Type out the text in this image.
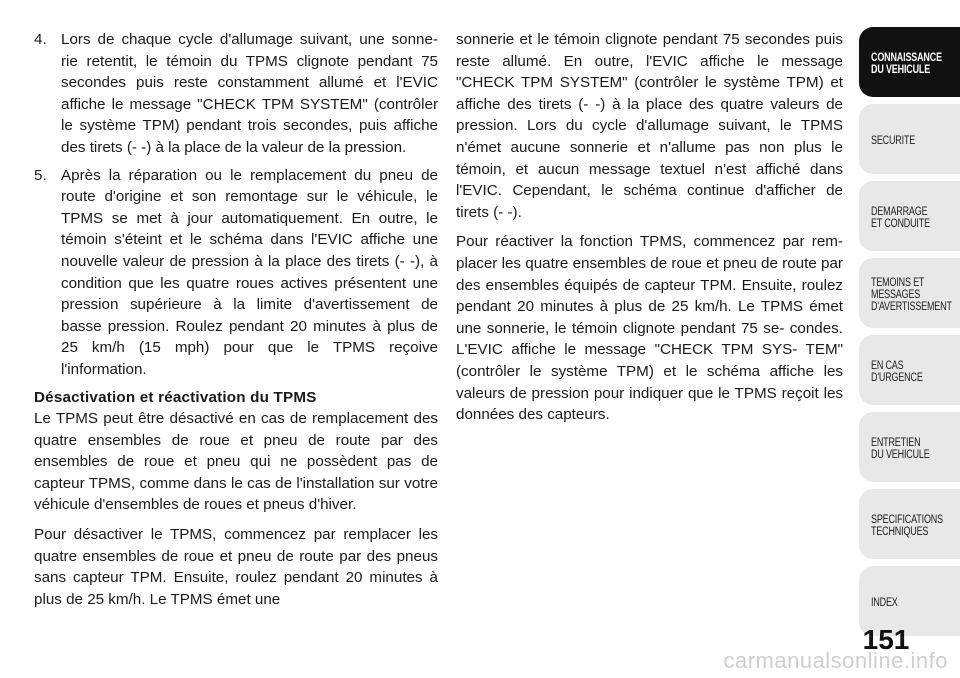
4. Lors de chaque cycle d'allumage suivant, une sonne- rie retentit, le témoin du TPMS clignote pendant 75 secondes puis reste constamment allumé et l'EVIC affiche le message "CHECK TPM SYSTEM" (contrôler le système TPM) pendant trois secondes, puis affiche des tirets (- -) à la place de la valeur de la pression.

5. Après la réparation ou le remplacement du pneu de route d'origine et son remontage sur le véhicule, le TPMS se met à jour automatiquement. En outre, le témoin s'éteint et le schéma dans l'EVIC affiche une nouvelle valeur de pression à la place des tirets (- -), à condition que les quatre roues actives présentent une pression supérieure à la limite d'avertissement de basse pression. Roulez pendant 20 minutes à plus de 25 km/h (15 mph) pour que le TPMS reçoive l'information.

Désactivation et réactivation du TPMS

Le TPMS peut être désactivé en cas de remplacement des quatre ensembles de roue et pneu de route par des ensembles de roue et pneu qui ne possèdent pas de capteur TPMS, comme dans le cas de l'installation sur votre véhicule d'ensembles de roues et pneus d'hiver.

Pour désactiver le TPMS, commencez par remplacer les quatre ensembles de roue et pneu de route par des pneus sans capteur TPM. Ensuite, roulez pendant 20 minutes à plus de 25 km/h. Le TPMS émet une

sonnerie et le témoin clignote pendant 75 secondes puis reste allumé. En outre, l'EVIC affiche le message "CHECK TPM SYSTEM" (contrôler le système TPM) et affiche des tirets (- -) à la place des quatre valeurs de pression. Lors du cycle d'allumage suivant, le TPMS n'émet aucune sonnerie et n'allume pas non plus le témoin, et aucun message textuel n'est affiché dans l'EVIC. Cependant, le schéma continue d'afficher de tirets (- -).

Pour réactiver la fonction TPMS, commencez par rem- placer les quatre ensembles de roue et pneu de route par des ensembles équipés de capteur TPM. Ensuite, roulez pendant 20 minutes à plus de 25 km/h. Le TPMS émet une sonnerie, le témoin clignote pendant 75 se- condes. L'EVIC affiche le message "CHECK TPM SYS- TEM" (contrôler le système TPM) et le schéma affiche les valeurs de pression pour indiquer que le TPMS reçoit les données des capteurs.

CONNAISSANCE
DU VEHICULE
SECURITE
DEMARRAGE
ET CONDUITE
TEMOINS ET
MESSAGES
D'AVERTISSEMENT
EN CAS
D'URGENCE
ENTRETIEN
DU VEHICULE
SPECIFICATIONS
TECHNIQUES
INDEX
151
carmanualsonline.info
